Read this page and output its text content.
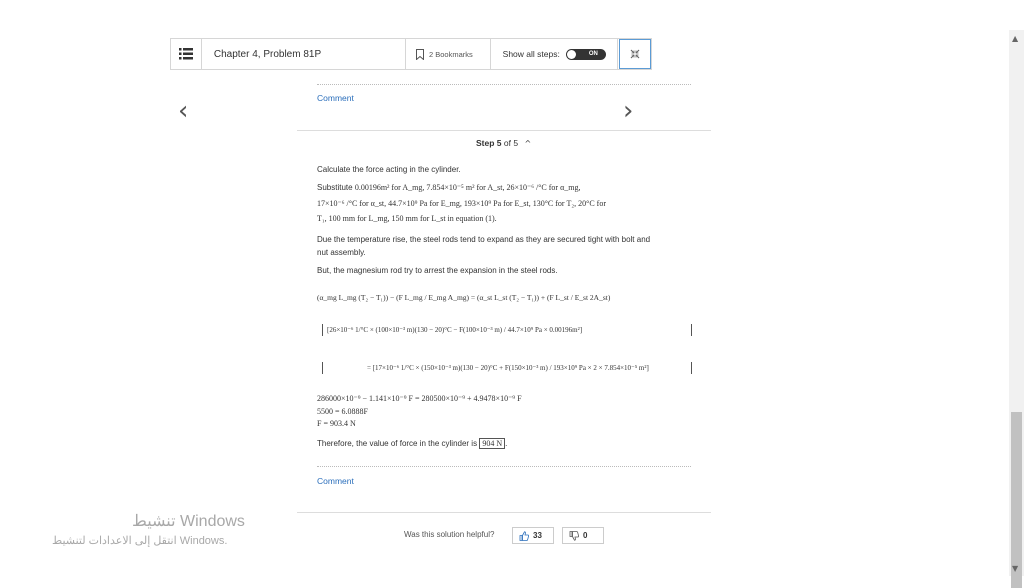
Chapter 4, Problem 81P	2 Bookmarks	Show all steps:	ON
Comment
‹	›
Step 5 of 5 ^
Calculate the force acting in the cylinder.
Substitute 0.00196m² for A_mg, 7.854×10⁻⁵ m² for A_st, 26×10⁻⁶ /°C for α_mg,
17×10⁻⁶ /°C for α_st, 44.7×10⁹ Pa for E_mg, 193×10⁹ Pa for E_st, 130°C for T₂, 20°C for
T₁, 100 mm for L_mg, 150 mm for L_st in equation (1).
Due the temperature rise, the steel rods tend to expand as they are secured tight with bolt and
nut assembly.
But, the magnesium rod try to arrest the expansion in the steel rods.
(α_mg L_mg (T₂ − T₁)) − (F L_mg / E_mg A_mg) = (α_st L_st (T₂ − T₁)) + (F L_st / E_st 2A_st)
[26×10⁻⁶ 1/°C × (100×10⁻³ m)(130 − 20)°C − F(100×10⁻³ m) / 44.7×10⁹ Pa × 0.00196m²]
= [17×10⁻⁶ 1/°C × (150×10⁻³ m)(130 − 20)°C + F(150×10⁻³ m) / 193×10⁹ Pa × 2 × 7.854×10⁻⁵ m²]
286000×10⁻⁹ − 1.141×10⁻⁹ F = 280500×10⁻⁹ + 4.9478×10⁻⁹ F
5500 = 6.0888F
F = 903.4 N
Therefore, the value of force in the cylinder is 904 N .
Comment
Was this solution helpful?	33	0
تنشيط Windows
انتقل إلى الاعدادات لتنشيط Windows.
▲
▼
